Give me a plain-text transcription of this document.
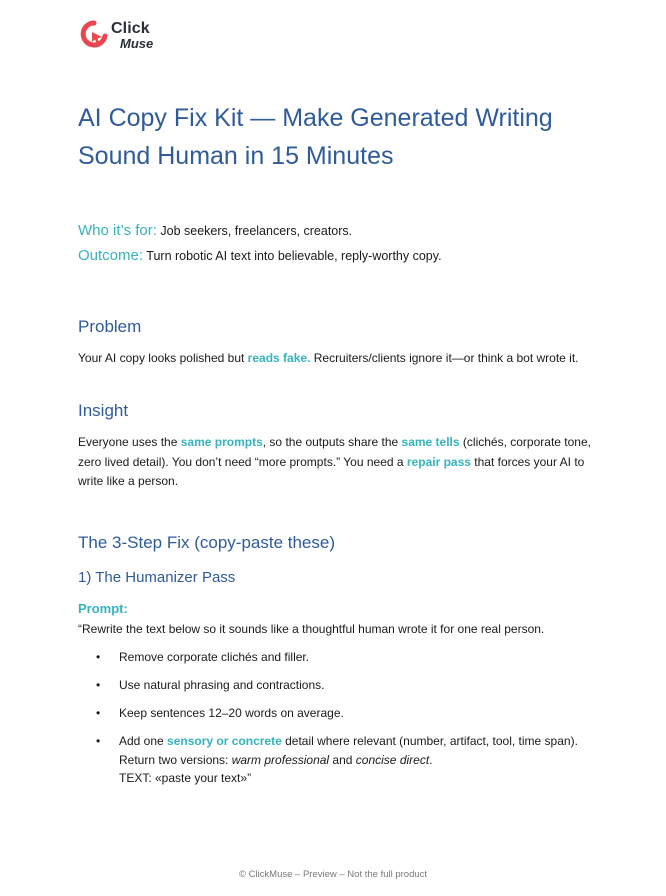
Click
Muse
AI Copy Fix Kit — Make Generated Writing Sound Human in 15 Minutes
Who it’s for: Job seekers, freelancers, creators.
Outcome: Turn robotic AI text into believable, reply-worthy copy.
Problem
Your AI copy looks polished but reads fake. Recruiters/clients ignore it—or think a bot wrote it.
Insight
Everyone uses the same prompts, so the outputs share the same tells (clichés, corporate tone, zero lived detail). You don’t need “more prompts.” You need a repair pass that forces your AI to write like a person.
The 3-Step Fix (copy-paste these)
1) The Humanizer Pass
Prompt:
“Rewrite the text below so it sounds like a thoughtful human wrote it for one real person.
• Remove corporate clichés and filler.
• Use natural phrasing and contractions.
• Keep sentences 12–20 words on average.
• Add one sensory or concrete detail where relevant (number, artifact, tool, time span).
Return two versions: warm professional and concise direct.
TEXT: «paste your text»”
© ClickMuse – Preview – Not the full product
